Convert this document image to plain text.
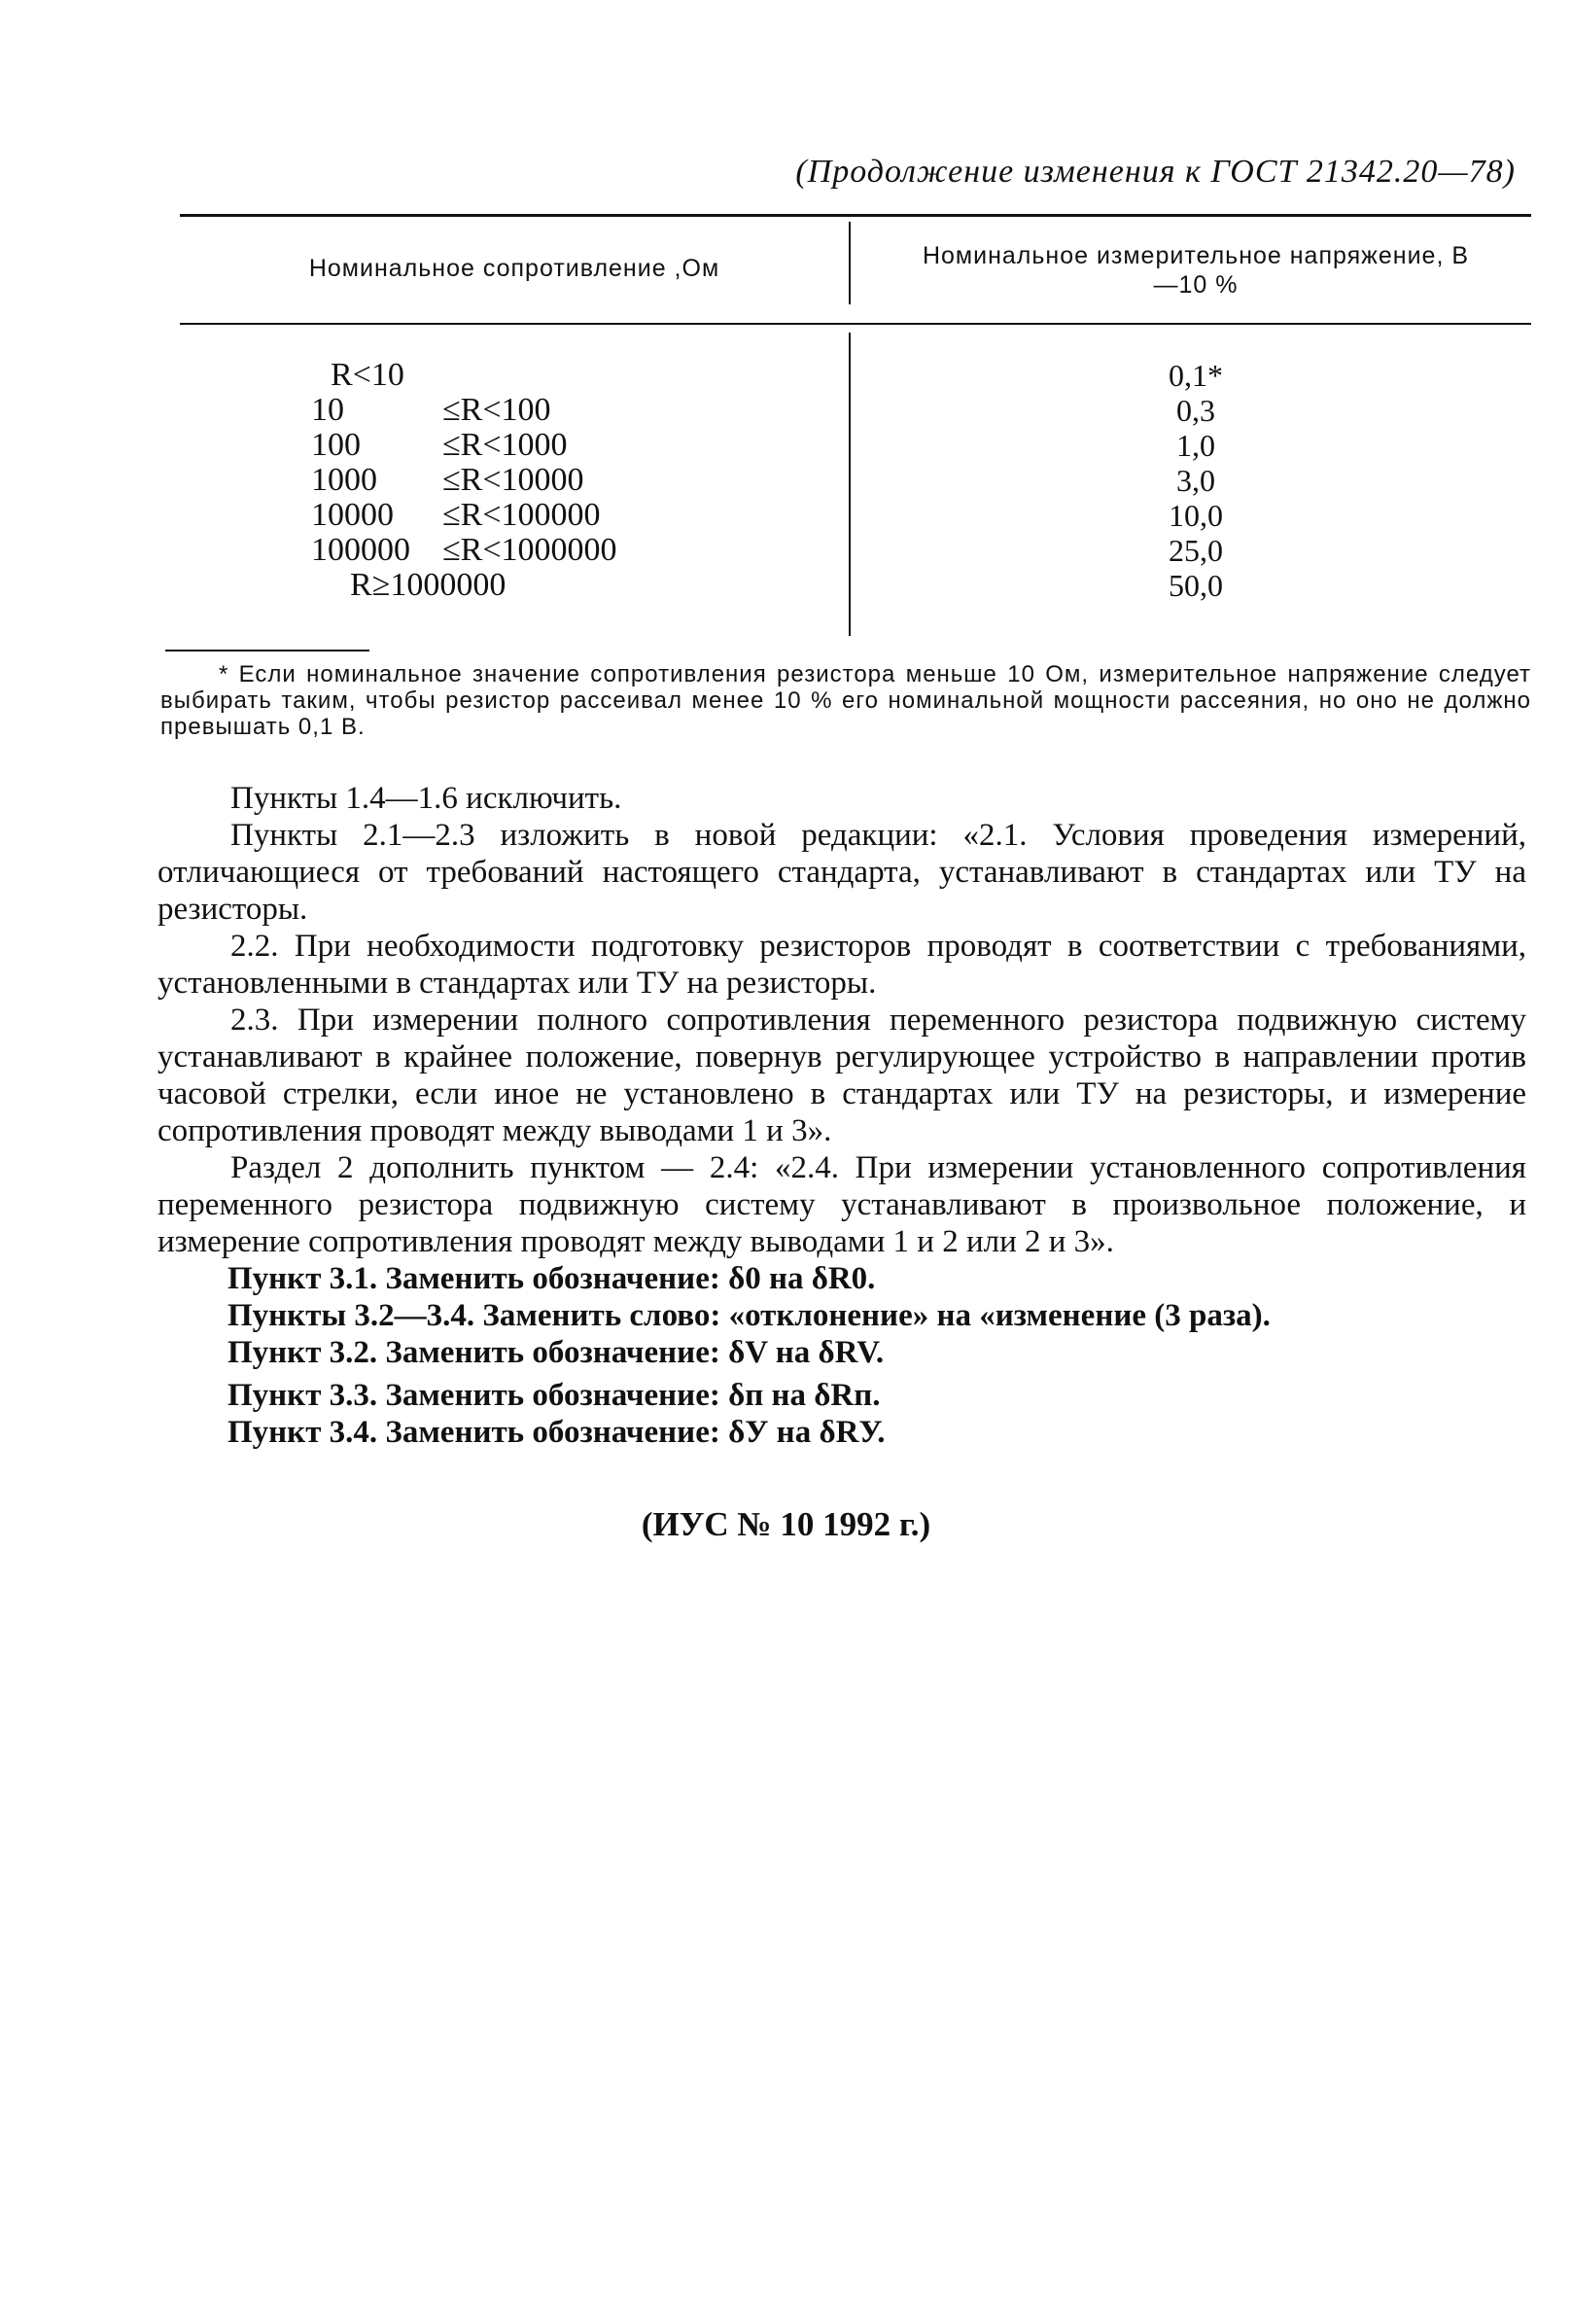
(Продолжение изменения к ГОСТ 21342.20—78)
Номинальное сопротивление ,Ом	Номинальное измерительное напряжение, В
—10 %
R<10
10	≤R<100
100 ≤R<1000
1000 ≤R<10000
10000 ≤R<100000
100000 ≤R<1000000
R≥1000000
0,1*
0,3
1,0
3,0
10,0
25,0
50,0
* Если номинальное значение сопротивления резистора меньше 10 Ом, измерительное напряжение следует выбирать таким, чтобы резистор рассеивал менее 10 % его номинальной мощности рассеяния, но оно не должно превышать 0,1 В.

Пункты 1.4—1.6 исключить.

Пункты 2.1—2.3 изложить в новой редакции: «2.1. Условия проведения измерений, отличающиеся от требований настоящего стандарта, устанавливают в стандартах или ТУ на резисторы.

2.2. При необходимости подготовку резисторов проводят в соответствии с требованиями, установленными в стандартах или ТУ на резисторы.

2.3. При измерении полного сопротивления переменного резистора подвижную систему устанавливают в крайнее положение, повернув регулирующее устройство в направлении против часовой стрелки, если иное не установлено в стандартах или ТУ на резисторы, и измерение сопротивления проводят между выводами 1 и 3».

Раздел 2 дополнить пунктом — 2.4: «2.4. При измерении установленного сопротивления переменного резистора подвижную систему устанавливают в произвольное положение, и измерение сопротивления проводят между выводами 1 и 2 или 2 и 3».

Пункт 3.1. Заменить обозначение: δ0 на δR0.

Пункты 3.2—3.4. Заменить слово: «отклонение» на «изменение (3 раза).

Пункт 3.2. Заменить обозначение: δV на δRV.

Пункт 3.3. Заменить обозначение: δп на δRп.

Пункт 3.4. Заменить обозначение: δУ на δRУ.

(ИУС № 10 1992 г.)
